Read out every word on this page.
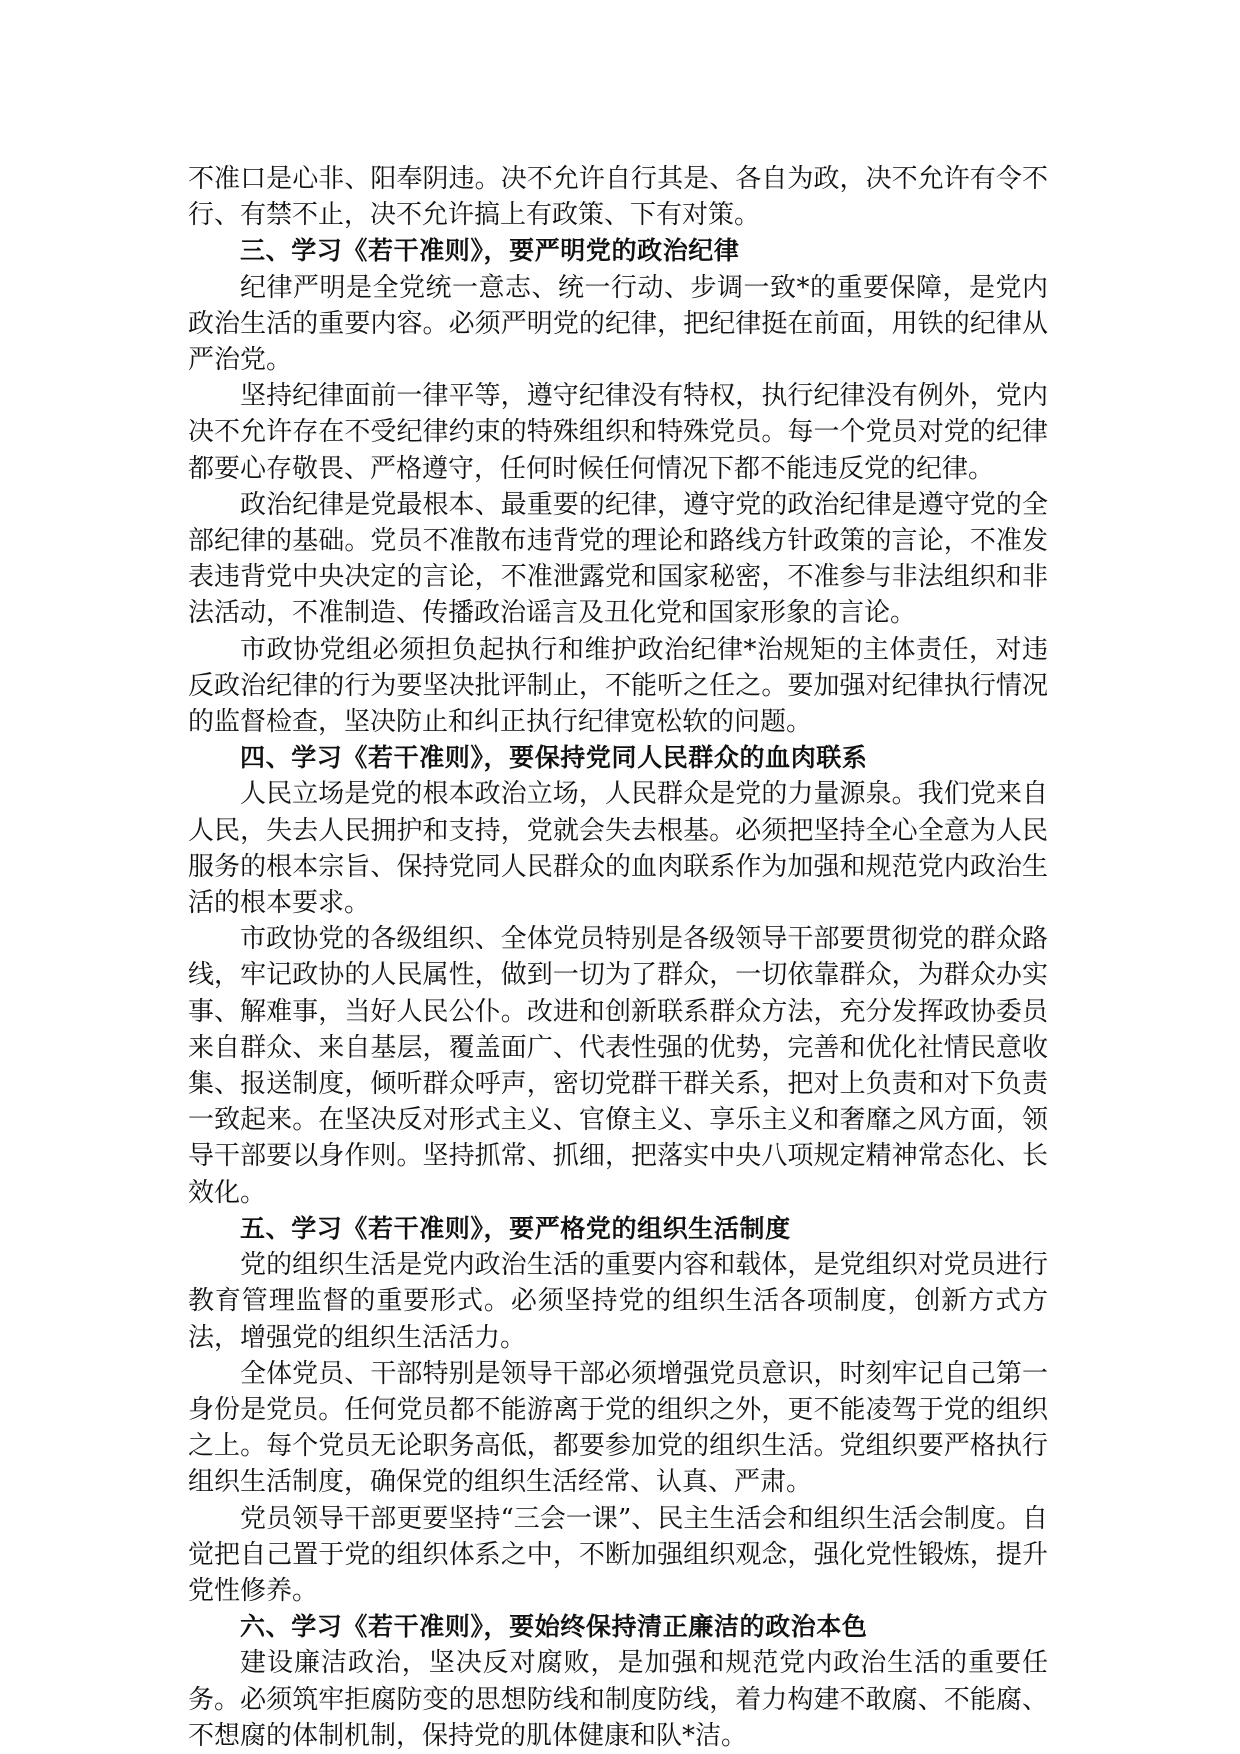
不准口是心非、阳奉阴违。决不允许自行其是、各自为政，决不允许有令不行、有禁不止，决不允许搞上有政策、下有对策。

三、学习《若干准则》，要严明党的政治纪律

纪律严明是全党统一意志、统一行动、步调一致*的重要保障，是党内政治生活的重要内容。必须严明党的纪律，把纪律挺在前面，用铁的纪律从严治党。

坚持纪律面前一律平等，遵守纪律没有特权，执行纪律没有例外，党内决不允许存在不受纪律约束的特殊组织和特殊党员。每一个党员对党的纪律都要心存敬畏、严格遵守，任何时候任何情况下都不能违反党的纪律。

政治纪律是党最根本、最重要的纪律，遵守党的政治纪律是遵守党的全部纪律的基础。党员不准散布违背党的理论和路线方针政策的言论，不准发表违背党中央决定的言论，不准泄露党和国家秘密，不准参与非法组织和非法活动，不准制造、传播政治谣言及丑化党和国家形象的言论。

市政协党组必须担负起执行和维护政治纪律*治规矩的主体责任，对违反政治纪律的行为要坚决批评制止，不能听之任之。要加强对纪律执行情况的监督检查，坚决防止和纠正执行纪律宽松软的问题。

四、学习《若干准则》，要保持党同人民群众的血肉联系

人民立场是党的根本政治立场，人民群众是党的力量源泉。我们党来自人民，失去人民拥护和支持，党就会失去根基。必须把坚持全心全意为人民服务的根本宗旨、保持党同人民群众的血肉联系作为加强和规范党内政治生活的根本要求。

市政协党的各级组织、全体党员特别是各级领导干部要贯彻党的群众路线，牢记政协的人民属性，做到一切为了群众，一切依靠群众，为群众办实事、解难事，当好人民公仆。改进和创新联系群众方法，充分发挥政协委员来自群众、来自基层，覆盖面广、代表性强的优势，完善和优化社情民意收集、报送制度，倾听群众呼声，密切党群干群关系，把对上负责和对下负责一致起来。在坚决反对形式主义、官僚主义、享乐主义和奢靡之风方面，领导干部要以身作则。坚持抓常、抓细，把落实中央八项规定精神常态化、长效化。

五、学习《若干准则》，要严格党的组织生活制度

党的组织生活是党内政治生活的重要内容和载体，是党组织对党员进行教育管理监督的重要形式。必须坚持党的组织生活各项制度，创新方式方法，增强党的组织生活活力。

全体党员、干部特别是领导干部必须增强党员意识，时刻牢记自己第一身份是党员。任何党员都不能游离于党的组织之外，更不能凌驾于党的组织之上。每个党员无论职务高低，都要参加党的组织生活。党组织要严格执行组织生活制度，确保党的组织生活经常、认真、严肃。

党员领导干部更要坚持“三会一课”、民主生活会和组织生活会制度。自觉把自己置于党的组织体系之中，不断加强组织观念，强化党性锻炼，提升党性修养。

六、学习《若干准则》，要始终保持清正廉洁的政治本色

建设廉洁政治，坚决反对腐败，是加强和规范党内政治生活的重要任务。必须筑牢拒腐防变的思想防线和制度防线，着力构建不敢腐、不能腐、不想腐的体制机制，保持党的肌体健康和队*洁。
